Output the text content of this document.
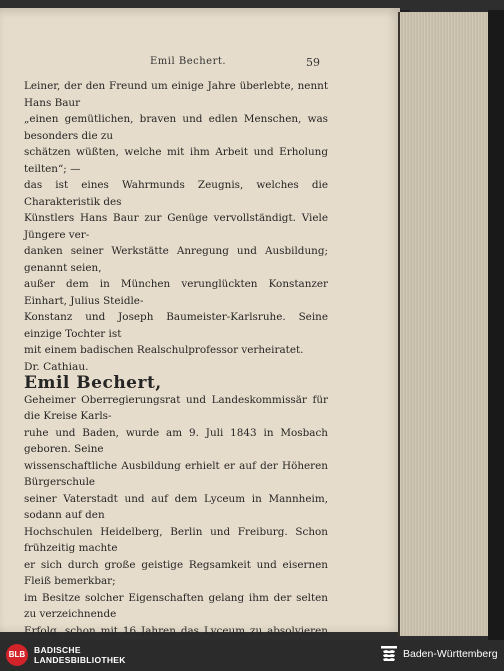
Emil Bechert.	59

Leiner, der den Freund um einige Jahre überlebte, nennt Hans Baur

„einen gemütlichen, braven und edlen Menschen, was besonders die zu

schätzen wüßten, welche mit ihm Arbeit und Erholung teilten“; —

das ist eines Wahrmunds Zeugnis, welches die Charakteristik des

Künstlers Hans Baur zur Genüge vervollständigt. Viele Jüngere ver-

danken seiner Werkstätte Anregung und Ausbildung; genannt seien,

außer dem in München verunglückten Konstanzer Einhart, Julius Steidle-

Konstanz und Joseph Baumeister-Karlsruhe. Seine einzige Tochter ist

mit einem badischen Realschulprofessor verheiratet.

Dr. Cathiau.

Emil Bechert,

Geheimer Oberregierungsrat und Landeskommissär für die Kreise Karls-

ruhe und Baden, wurde am 9. Juli 1843 in Mosbach geboren. Seine

wissenschaftliche Ausbildung erhielt er auf der Höheren Bürgerschule

seiner Vaterstadt und auf dem Lyceum in Mannheim, sodann auf den

Hochschulen Heidelberg, Berlin und Freiburg. Schon frühzeitig machte

er sich durch große geistige Regsamkeit und eisernen Fleiß bemerkbar;

im Besitze solcher Eigenschaften gelang ihm der selten zu verzeichnende

Erfolg, schon mit 16 Jahren das Lyceum zu absolvieren

BLB	BADISCHE
LANDESBIBLIOTHEK	Baden-Württemberg
